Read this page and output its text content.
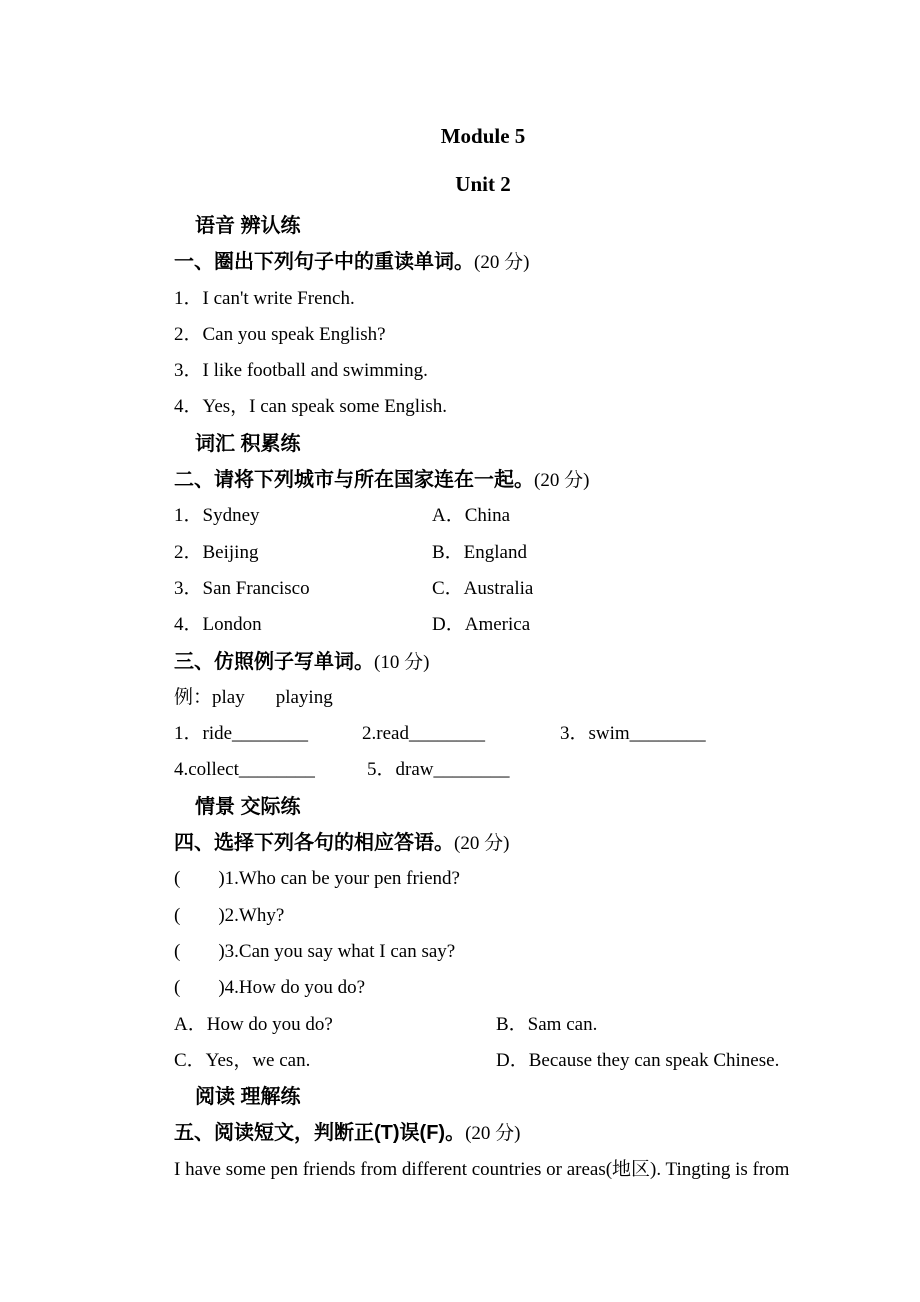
Module 5
Unit 2
语音 辨认练
一、圈出下列句子中的重读单词。(20 分)
1．I can't write French.
2．Can you speak English?
3．I like football and swimming.
4．Yes，I can speak some English.
词汇 积累练
二、请将下列城市与所在国家连在一起。(20 分)
1．Sydney	A．China
2．Beijing	B．England
3．San Francisco	C．Australia
4．London	D．America
三、仿照例子写单词。(10 分)
例：play playing
1．ride________	2.read________	3．swim________
4.collect________	5．draw________
情景 交际练
四、选择下列各句的相应答语。(20 分)
(        )1.Who can be your pen friend?
(        )2.Why?
(        )3.Can you say what I can say?
(        )4.How do you do?
A．How do you do?	B．Sam can.
C．Yes，we can.	D．Because they can speak Chinese.
阅读 理解练
五、阅读短文，判断正(T)误(F)。(20 分)
I have some pen friends from different countries or areas(地区). Tingting is from
